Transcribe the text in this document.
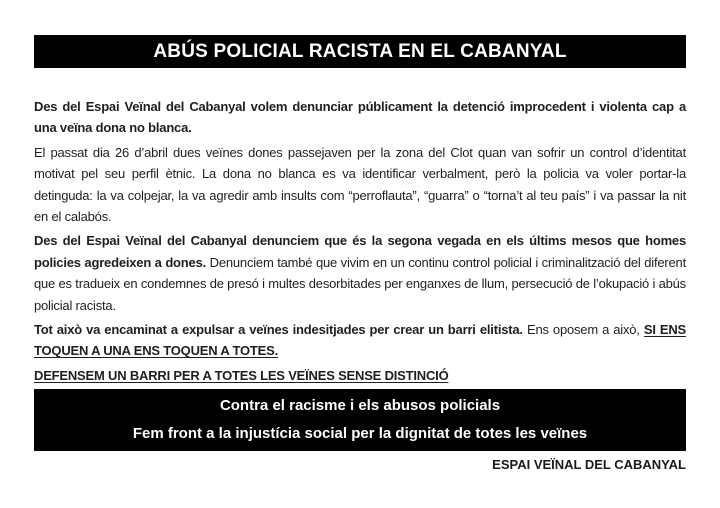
ABÚS POLICIAL RACISTA EN EL CABANYAL

Des del Espai Veïnal del Cabanyal volem denunciar públicament la detenció improcedent i violenta cap a una veïna dona no blanca.

El passat dia 26 d’abril dues veïnes dones passejaven per la zona del Clot quan van sofrir un control d’identitat motivat pel seu perfil ètnic. La dona no blanca es va identificar verbalment, però la policia va voler portar-la detinguda: la va colpejar, la va agredir amb insults com “perroflauta”, “guarra” o “torna’t al teu país” i va passar la nit en el calabós.

Des del Espai Veïnal del Cabanyal denunciem que és la segona vegada en els últims mesos que homes policies agredeixen a dones. Denunciem també que vivim en un continu control policial i criminalització del diferent que es tradueix en condemnes de presó i multes desorbitades per enganxes de llum, persecució de l’okupació i abús policial racista.

Tot això va encaminat a expulsar a veïnes indesitjades per crear un barri elitista. Ens oposem a això, SI ENS TOQUEN A UNA ENS TOQUEN A TOTES.

DEFENSEM UN BARRI PER A TOTES LES VEÏNES SENSE DISTINCIÓ

Contra el racisme i els abusos policials
Fem front a la injustícia social per la dignitat de totes les veïnes
ESPAI VEÏNAL DEL CABANYAL
